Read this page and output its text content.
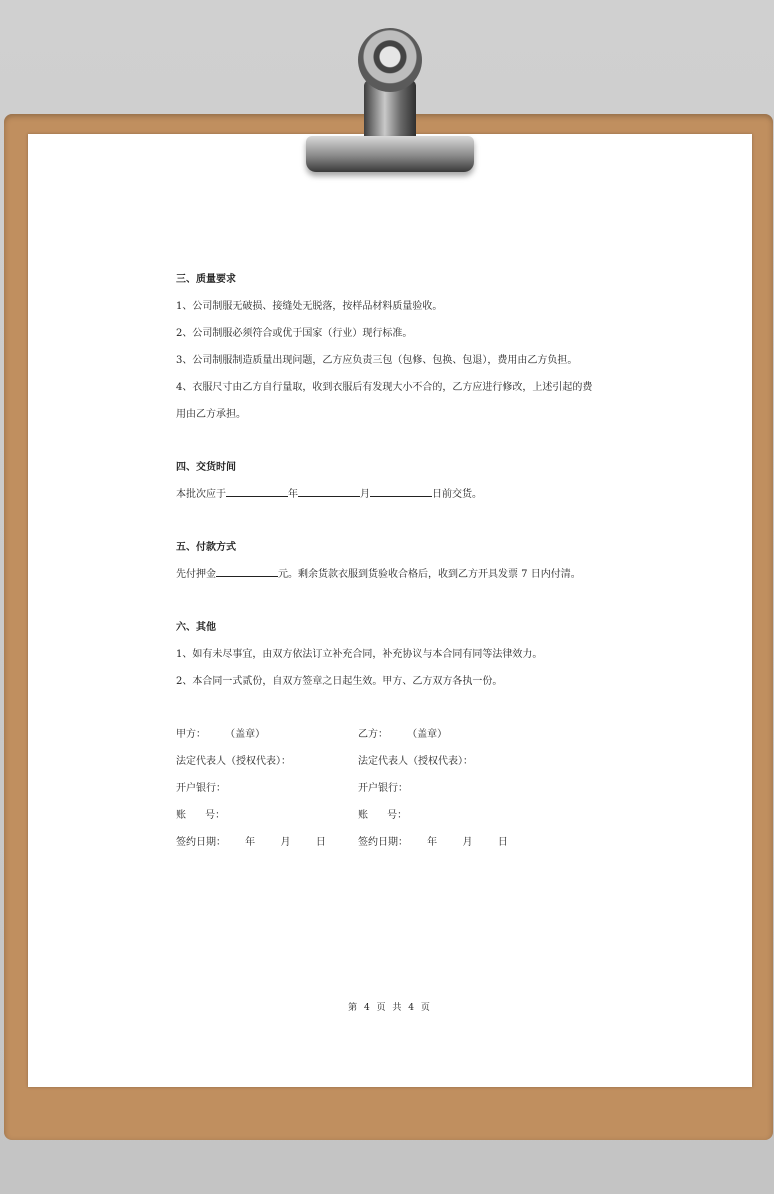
三、质量要求

1、公司制服无破损、接缝处无脱落，按样品材料质量验收。

2、公司制服必须符合或优于国家（行业）现行标准。

3、公司制服制造质量出现问题，乙方应负责三包（包修、包换、包退），费用由乙方负担。

4、衣服尺寸由乙方自行量取，收到衣服后有发现大小不合的，乙方应进行修改，上述引起的费

用由乙方承担。

四、交货时间

本批次应于	年	月	日前交货。

五、付款方式

先付押金	元。剩余货款衣服到货验收合格后，收到乙方开具发票 7 日内付清。

六、其他

1、如有未尽事宜，由双方依法订立补充合同，补充协议与本合同有同等法律效力。

2、本合同一式贰份，自双方签章之日起生效。甲方、乙方双方各执一份。

甲方：      （盖章）	乙方：      （盖章）
法定代表人（授权代表）：	法定代表人（授权代表）：
开户银行：	开户银行：
账      号：	账      号：
签约日期：      年        月        日	签约日期：      年        月        日
第 4 页 共 4 页
